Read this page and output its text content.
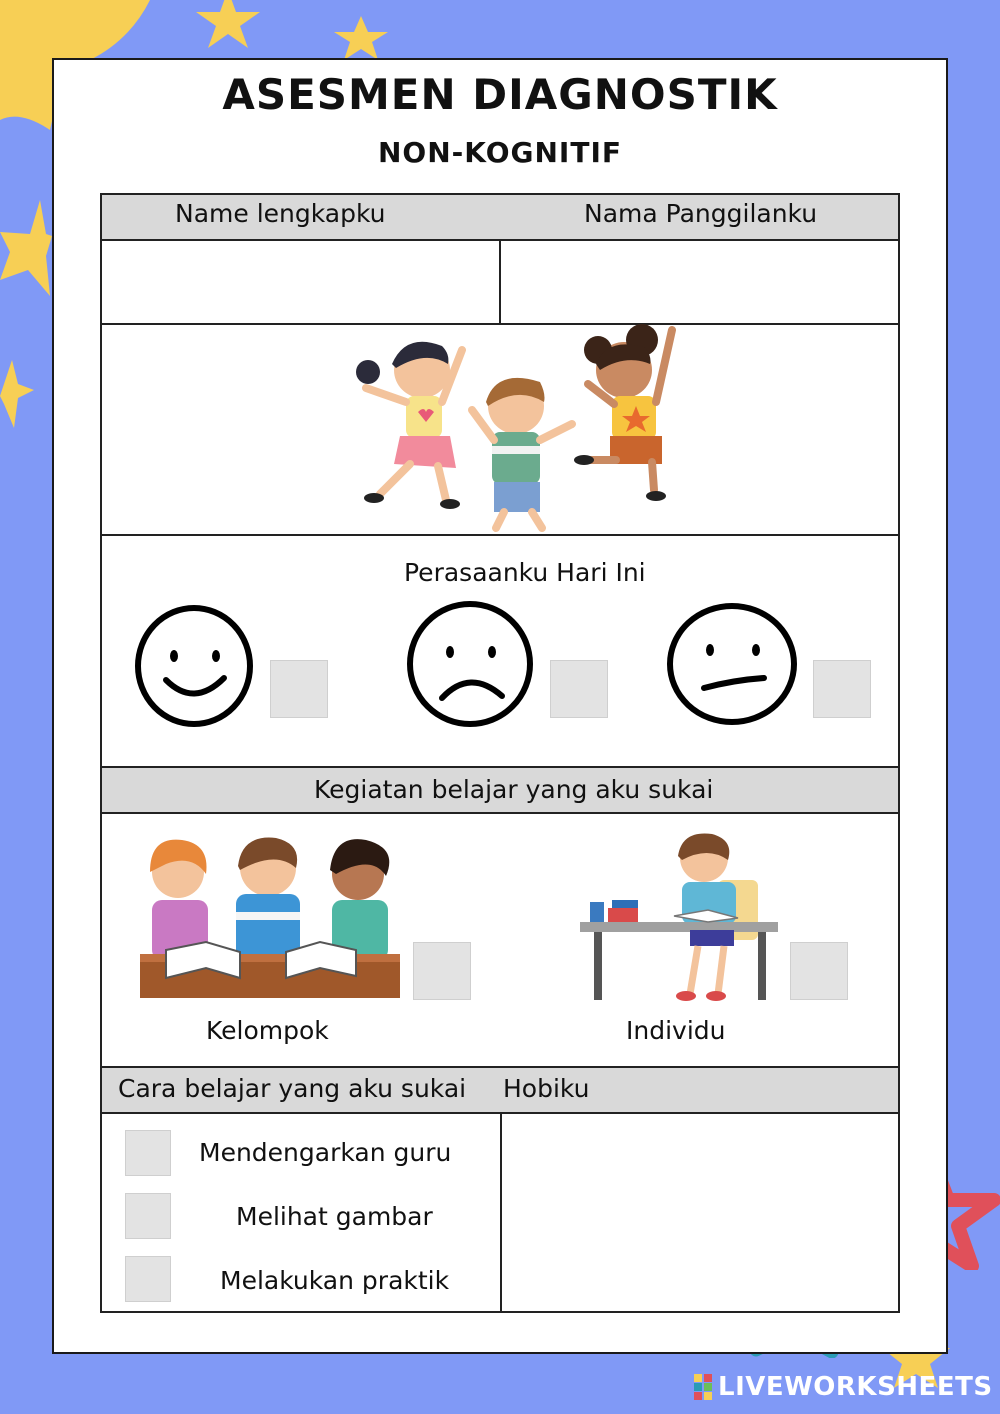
ASESMEN DIAGNOSTIK
NON-KOGNITIF
Name lengkapku	Nama Panggilanku
Perasaanku Hari Ini
Kegiatan belajar yang aku sukai
Kelompok	Individu
Cara belajar yang aku sukai Hobiku
Mendengarkan guru
Melihat gambar
Melakukan praktik
LIVEWORKSHEETS
